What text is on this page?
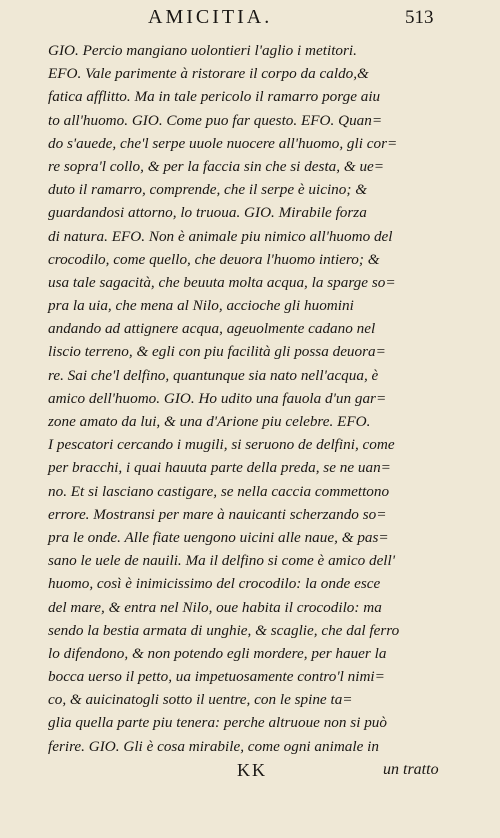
AMICITIA.	513
GIO. Percio mangiano uolontieri l'aglio i metitori.
EFO. Vale parimente à ristorare il corpo da caldo,&
fatica afflitto. Ma in tale pericolo il ramarro porge aiu
to all'huomo. GIO. Come puo far questo. EFO. Quan=
do s'auede, che'l serpe uuole nuocere all'huomo, gli cor=
re sopra'l collo, & per la faccia sin che si desta, & ue=
duto il ramarro, comprende, che il serpe è uicino; &
guardandosi attorno, lo truoua. GIO. Mirabile forza
di natura. EFO. Non è animale piu nimico all'huomo del
crocodilo, come quello, che deuora l'huomo intiero; &
usa tale sagacità, che beuuta molta acqua, la sparge so=
pra la uia, che mena al Nilo, accioche gli huomini
andando ad attignere acqua, ageuolmente cadano nel
liscio terreno, & egli con piu facilità gli possa deuora=
re. Sai che'l delfino, quantunque sia nato nell'acqua, è
amico dell'huomo. GIO. Ho udito una fauola d'un gar=
zone amato da lui, & una d'Arione piu celebre. EFO.
I pescatori cercando i mugili, si seruono de delfini, come
per bracchi, i quai hauuta parte della preda, se ne uan=
no. Et si lasciano castigare, se nella caccia commettono
errore. Mostransi per mare à nauicanti scherzando so=
pra le onde. Alle fiate uengono uicini alle naue, & pas=
sano le uele de nauili. Ma il delfino si come è amico dell'
huomo, così è inimicissimo del crocodilo: la onde esce
del mare, & entra nel Nilo, oue habita il crocodilo: ma
sendo la bestia armata di unghie, & scaglie, che dal ferro
lo difendono, & non potendo egli mordere, per hauer la
bocca uerso il petto, ua impetuosamente contro'l nimi=
co, & auicinatogli sotto il uentre, con le spine ta=
glia quella parte piu tenera: perche altruoue non si può
ferire. GIO. Gli è cosa mirabile, come ogni animale in
KK	un tratto
